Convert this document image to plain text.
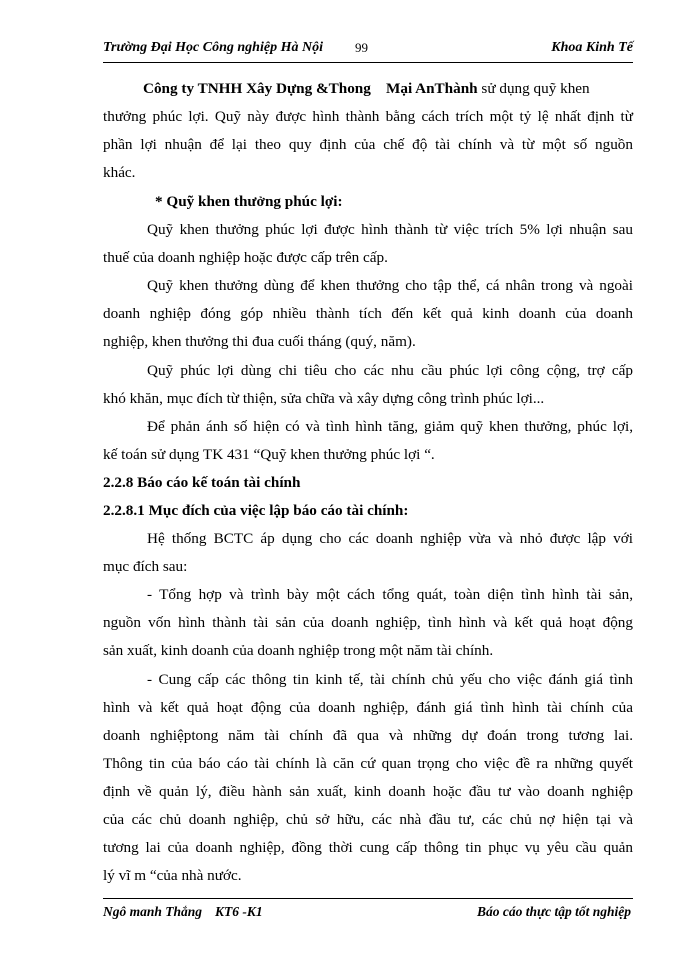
Trường Đại Học Công nghiệp Hà Nội 99	Khoa Kinh Tế
Công ty TNHH Xây Dựng &Thong    Mại AnThành sử dụng quỹ khen
thưởng phúc lợi. Quỹ này được hình thành bằng cách trích một tỷ lệ nhất định từ
phần lợi nhuận để lại theo quy định của chế độ tài chính và từ một số nguồn
khác.
* Quỹ khen thưởng phúc lợi:
Quỹ khen thưởng phúc lợi được hình thành từ việc trích 5% lợi nhuận sau
thuế của doanh nghiệp hoặc được cấp trên cấp.
Quỹ khen thưởng dùng để khen thưởng cho tập thể, cá nhân trong và ngoài
doanh nghiệp đóng góp nhiều thành tích đến kết quả kinh doanh của doanh
nghiệp, khen thưởng thi đua cuối tháng (quý, năm).
Quỹ phúc lợi dùng chi tiêu cho các nhu cầu phúc lợi công cộng, trợ cấp
khó khăn, mục đích từ thiện, sửa chữa và xây dựng công trình phúc lợi...
Để phản ánh số hiện có và tình hình tăng, giảm quỹ khen thưởng, phúc lợi,
kế toán sử dụng TK 431 “Quỹ khen thưởng phúc lợi “.
2.2.8 Báo cáo kế toán tài chính
2.2.8.1 Mục đích của việc lập báo cáo tài chính:
Hệ thống BCTC áp dụng cho các doanh nghiệp vừa và nhỏ được lập với
mục đích sau:
- Tổng hợp và trình bày một cách tổng quát, toàn diện tình hình tài sản,
nguồn vốn hình thành tài sản của doanh nghiệp, tình hình và kết quả hoạt động
sản xuất, kinh doanh của doanh nghiệp trong một năm tài chính.
- Cung cấp các thông tin kinh tế, tài chính chủ yếu cho việc đánh giá tình
hình và kết quả hoạt động của doanh nghiệp, đánh giá tình hình tài chính của
doanh nghiệptong năm tài chính đã qua và những dự đoán trong tương lai.
Thông tin của báo cáo tài chính là căn cứ quan trọng cho việc đề ra những quyết
định về quản lý, điều hành sản xuất, kinh doanh hoặc đầu tư vào doanh nghiệp
của các chủ doanh nghiệp, chủ sở hữu, các nhà đầu tư, các chủ nợ hiện tại và
tương lai của doanh nghiệp, đồng thời cung cấp thông tin phục vụ yêu cầu quản
lý vĩ m “của nhà nước.
Ngô manh Thắng KT6 -K1	Báo cáo thực tập tốt nghiệp
